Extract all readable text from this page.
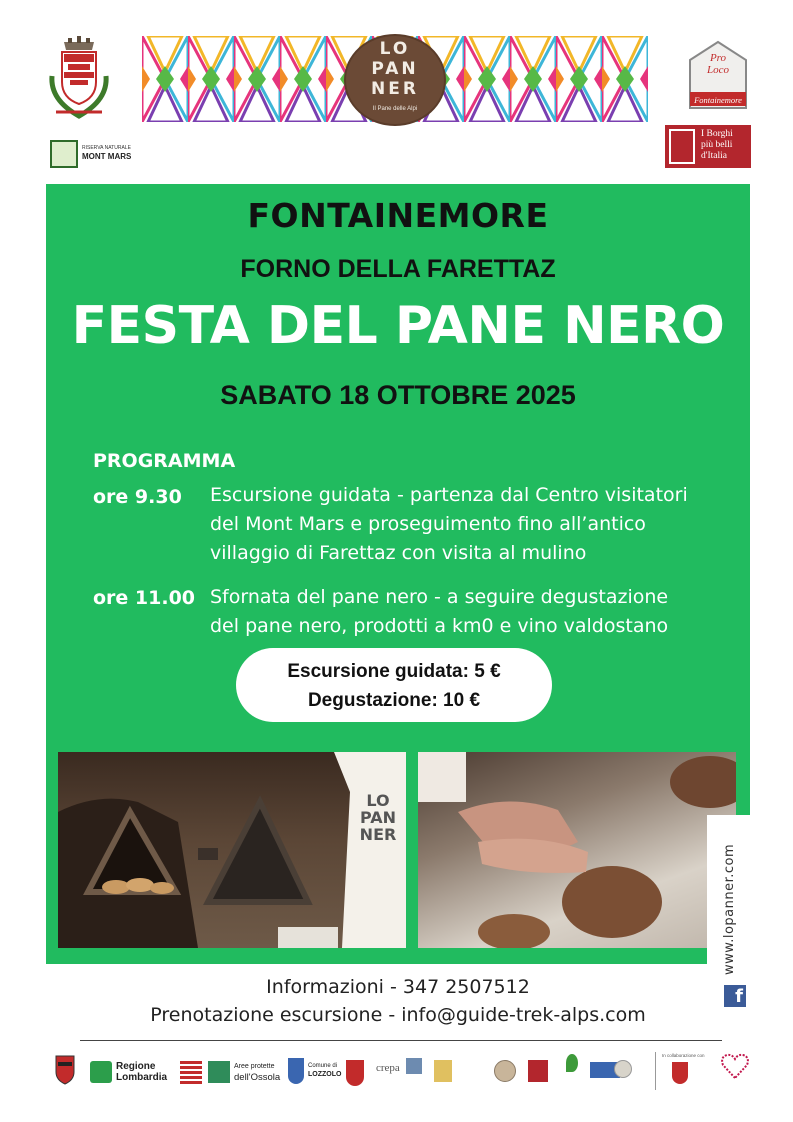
LO
PAN
NER
Il Pane delle Alpi
Pro
Loco
Fontainemore
RISERVA NATURALE
MONT MARS
I Borghi
più belli
d'Italia
FONTAINEMORE
FORNO DELLA FARETTAZ
FESTA DEL PANE NERO
SABATO 18 OTTOBRE 2025
PROGRAMMA
ore 9.30 Escursione guidata - partenza dal Centro visitatori
del Mont Mars e proseguimento fino all’antico
villaggio di Farettaz con visita al mulino
ore 11.00 Sfornata del pane nero - a seguire degustazione
del pane nero, prodotti a km0 e vino valdostano
Escursione guidata: 5 €
Degustazione: 10 €
LO
PAN
NER
www.lopanner.com
f
Informazioni - 347 2507512
Prenotazione escursione - info@guide-trek-alps.com
Regione
Lombardia
Aree protette
dell'Ossola
Comune di
LOZZOLO
crepa
In collaborazione con
